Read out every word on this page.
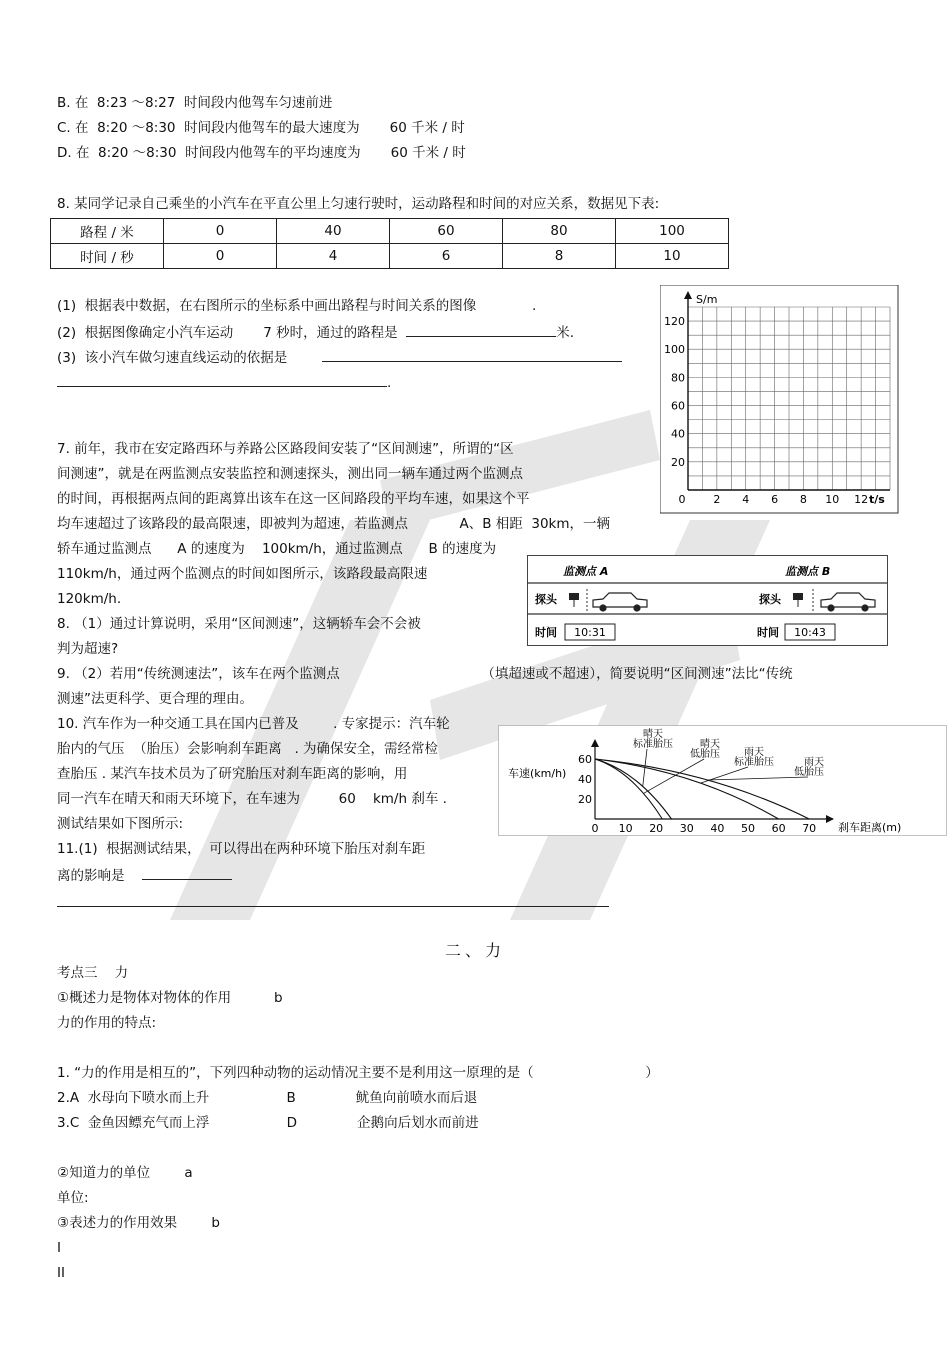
B. 在  8:23 ～8:27  时间段内他驾车匀速前进
C. 在  8:20 ～8:30  时间段内他驾车的最大速度为       60 千米 / 时
D. 在  8:20 ～8:30  时间段内他驾车的平均速度为       60 千米 / 时
8. 某同学记录自己乘坐的小汽车在平直公里上匀速行驶时，运动路程和时间的对应关系，数据见下表:
路程 / 米	0	40	60	80	100
时间 / 秒	0	4	6	8	10
(1)  根据表中数据，在右图所示的坐标系中画出路程与时间关系的图像             .
(2)  根据图像确定小汽车运动       7 秒时，通过的路程是	米.
(3)  该小汽车做匀速直线运动的依据是
.
S/m
t/s
20
40
60
80
100
120
0	2 4 6 8 10 12
7. 前年，我市在安定路西环与养路公区路段间安装了“区间测速”，所谓的“区
间测速”，就是在两监测点安装监控和测速探头，测出同一辆车通过两个监测点
的时间，再根据两点间的距离算出该车在这一区间路段的平均车速，如果这个平
均车速超过了该路段的最高限速，即被判为超速，若监测点            A、B 相距  30km，一辆
轿车通过监测点      A 的速度为    100km/h，通过监测点      B 的速度为
110km/h，通过两个监测点的时间如图所示，该路段最高限速
120km/h.
8. （1）通过计算说明，采用“区间测速”，这辆轿车会不会被
判为超速?
9. （2）若用“传统测速法”，该车在两个监测点                                 （填超速或不超速），简要说明“区间测速”法比“传统
测速”法更科学、更合理的理由。
监测点 A	监测点 B
探头	探头
时间 10:31	时间 10:43
10. 汽车作为一种交通工具在国内已普及        . 专家提示：汽车轮
胎内的气压  （胎压）会影响刹车距离   . 为确保安全，需经常检
查胎压 . 某汽车技术员为了研究胎压对刹车距离的影响，用
同一汽车在晴天和雨天环境下，在车速为         60    km/h 刹车 .
测试结果如下图所示:
11.(1)  根据测试结果，  可以得出在两种环境下胎压对刹车距
离的影响是
车速(km/h)
刹车距离(m)
20
40
60
0 10 20 30 40 50 60 70
晴天
标准胎压	晴天
低胎压 雨天
标准胎压	雨天
低胎压
二、力
考点三    力
①概述力是物体对物体的作用          b
力的作用的特点:
1. “力的作用是相互的”，下列四种动物的运动情况主要不是利用这一原理的是（                          ）
2.A  水母向下喷水而上升                  B              鱿鱼向前喷水而后退
3.C  金鱼因鳔充气而上浮                  D              企鹅向后划水而前进
②知道力的单位        a
单位:
③表述力的作用效果        b
I
II
